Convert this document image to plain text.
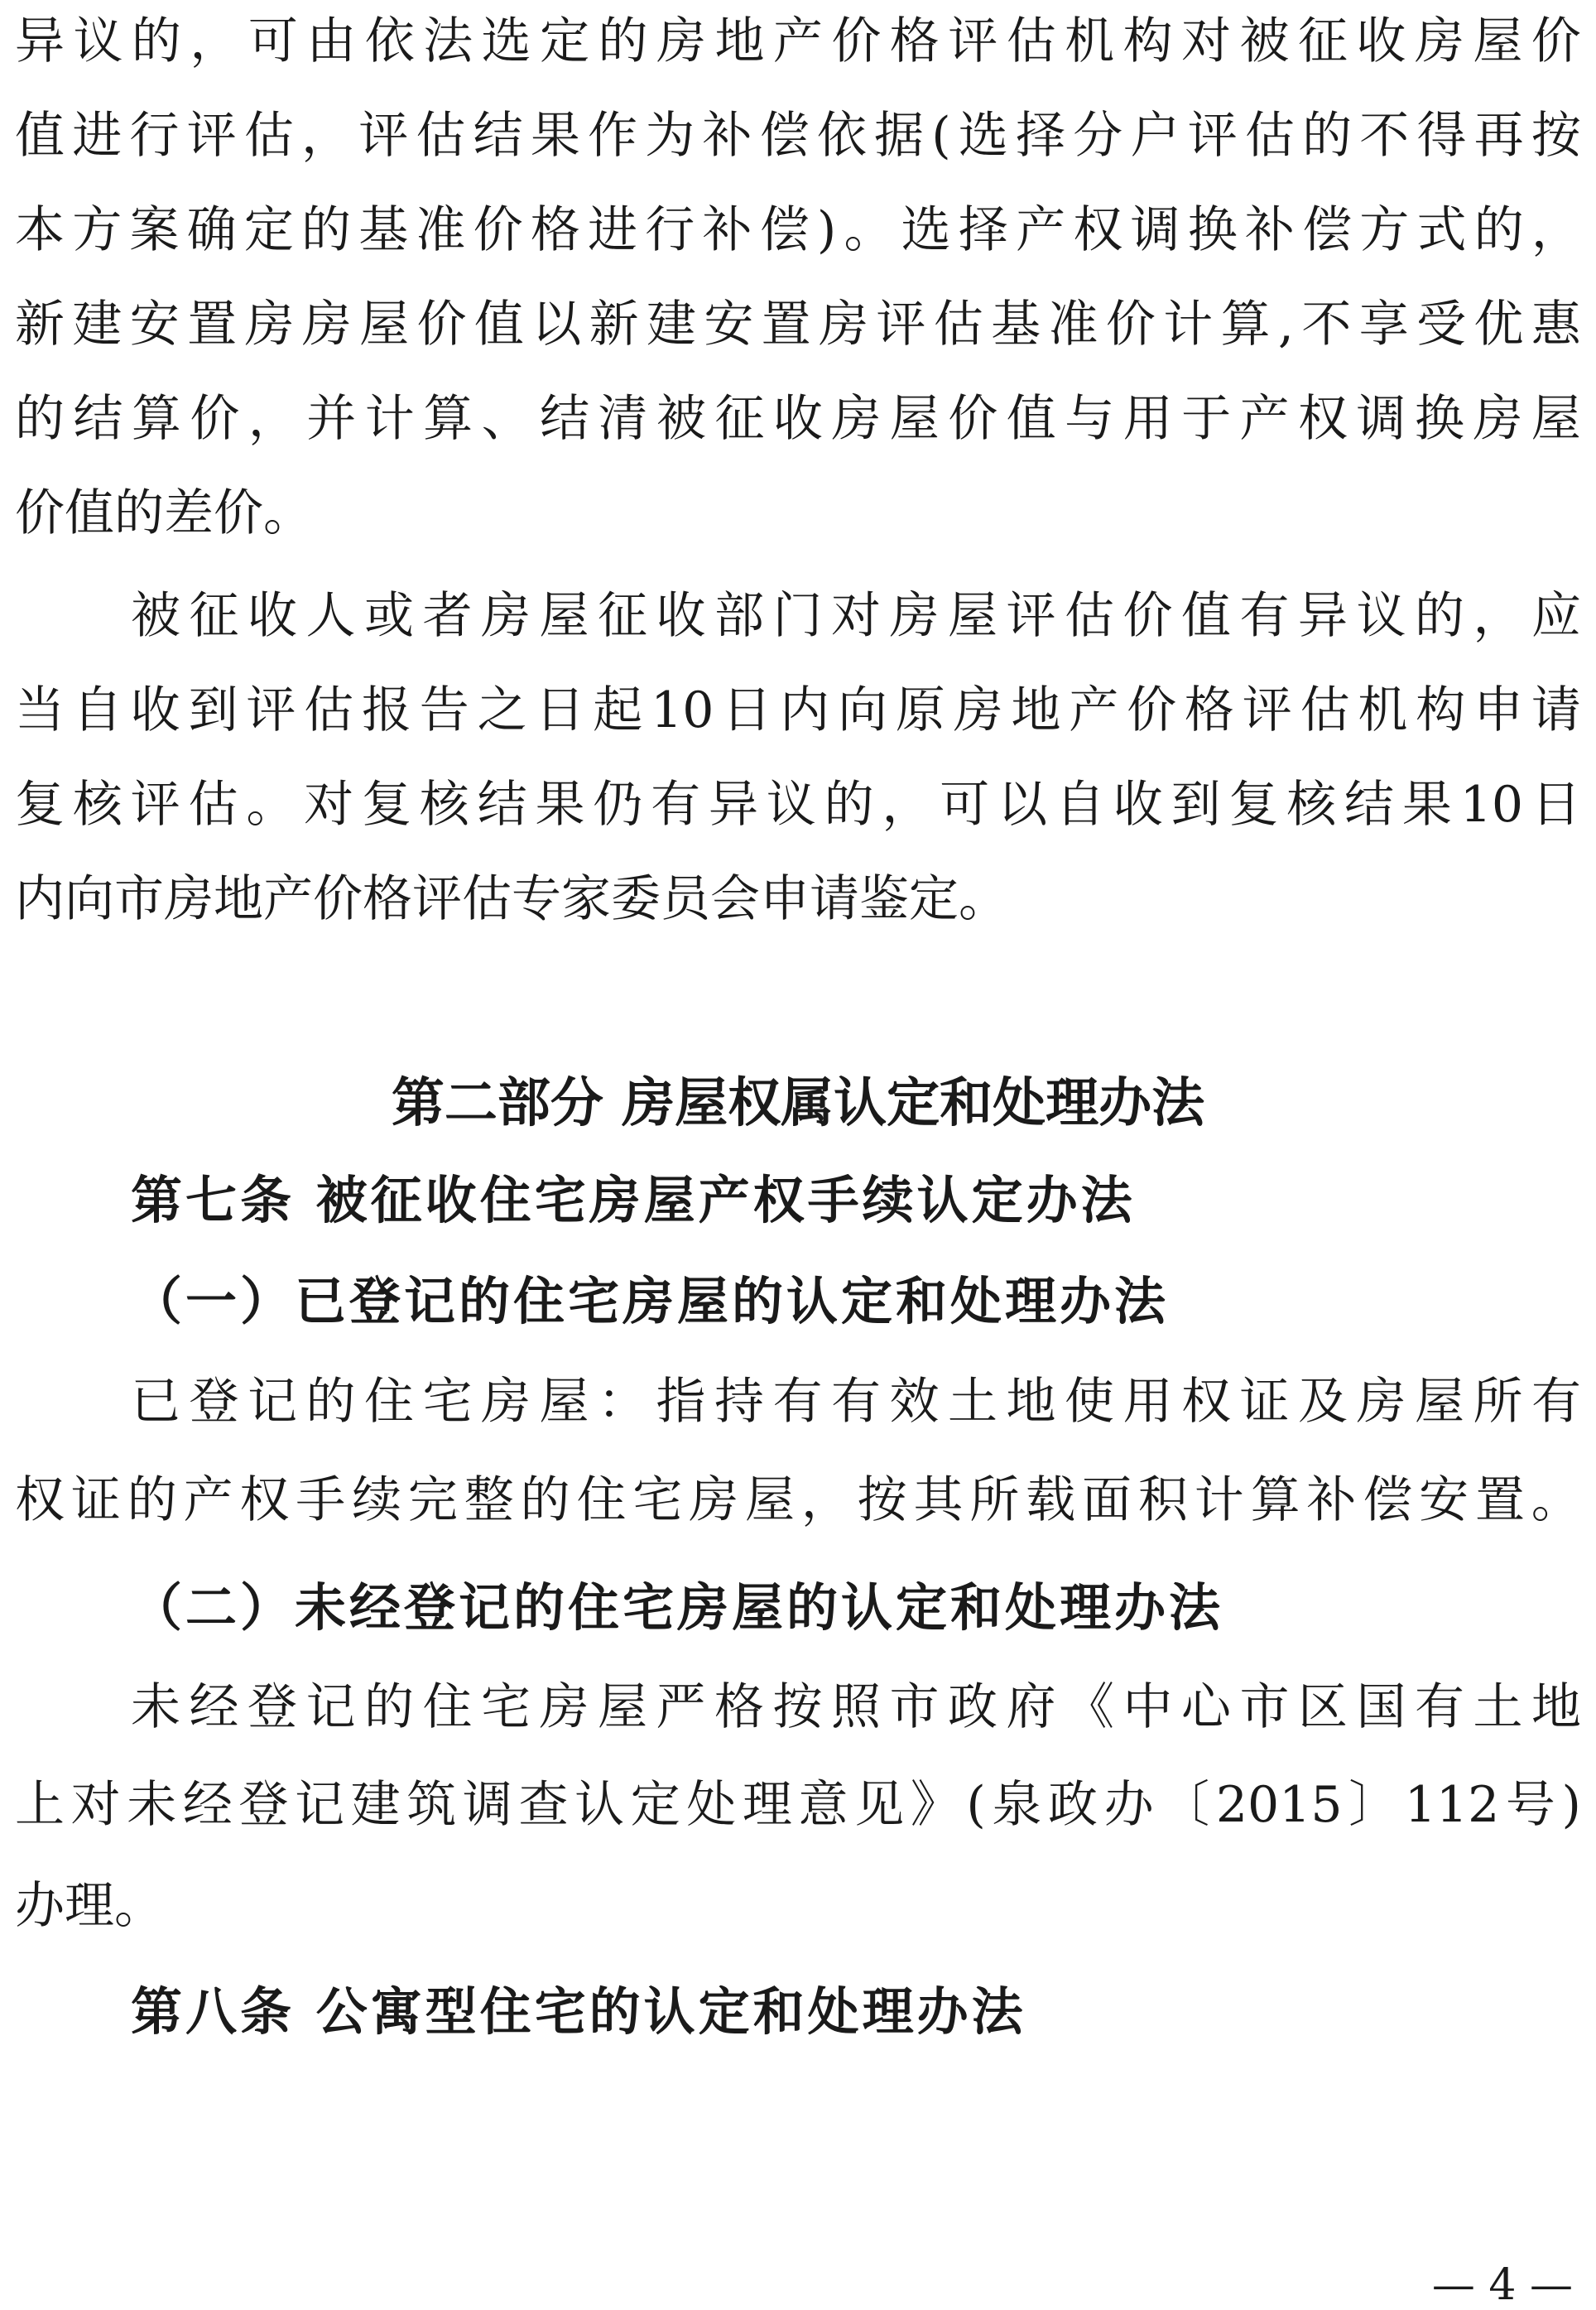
异 议 的 ， 可 由 依 法 选 定 的 房 地 产 价 格 评 估 机 构 对 被 征 收 房 屋 价
值 进 行 评 估 ， 评 估 结 果 作 为 补 偿 依 据 ( 选 择 分 户 评 估 的 不 得 再 按
本 方 案 确 定 的 基 准 价 格 进 行 补 偿 ) 。 选 择 产 权 调 换 补 偿 方 式 的 ，
新 建 安 置 房 房 屋 价 值 以 新 建 安 置 房 评 估 基 准 价 计 算 , 不 享 受 优 惠
的 结 算 价 ， 并 计 算 、 结 清 被 征 收 房 屋 价 值 与 用 于 产 权 调 换 房 屋
价值的差价。
被 征 收 人 或 者 房 屋 征 收 部 门 对 房 屋 评 估 价 值 有 异 议 的 ， 应
当 自 收 到 评 估 报 告 之 日 起 10 日 内 向 原 房 地 产 价 格 评 估 机 构 申 请
复 核 评 估 。 对 复 核 结 果 仍 有 异 议 的 ， 可 以 自 收 到 复 核 结 果 10 日
内向市房地产价格评估专家委员会申请鉴定。
第二部分 房屋权属认定和处理办法
第七条 被征收住宅房屋产权手续认定办法
（一）已登记的住宅房屋的认定和处理办法
已 登 记 的 住 宅 房 屋 ： 指 持 有 有 效 土 地 使 用 权 证 及 房 屋 所 有
权 证 的 产 权 手 续 完 整 的 住 宅 房 屋 ， 按 其 所 载 面 积 计 算 补 偿 安 置 。
（二）未经登记的住宅房屋的认定和处理办法
未 经 登 记 的 住 宅 房 屋 严 格 按 照 市 政 府 《 中 心 市 区 国 有 土 地
上 对 未 经 登 记 建 筑 调 查 认 定 处 理 意 见 》 ( 泉 政 办 〔 2015 〕 112 号 )
办理。
第八条 公寓型住宅的认定和处理办法
— 4 —
